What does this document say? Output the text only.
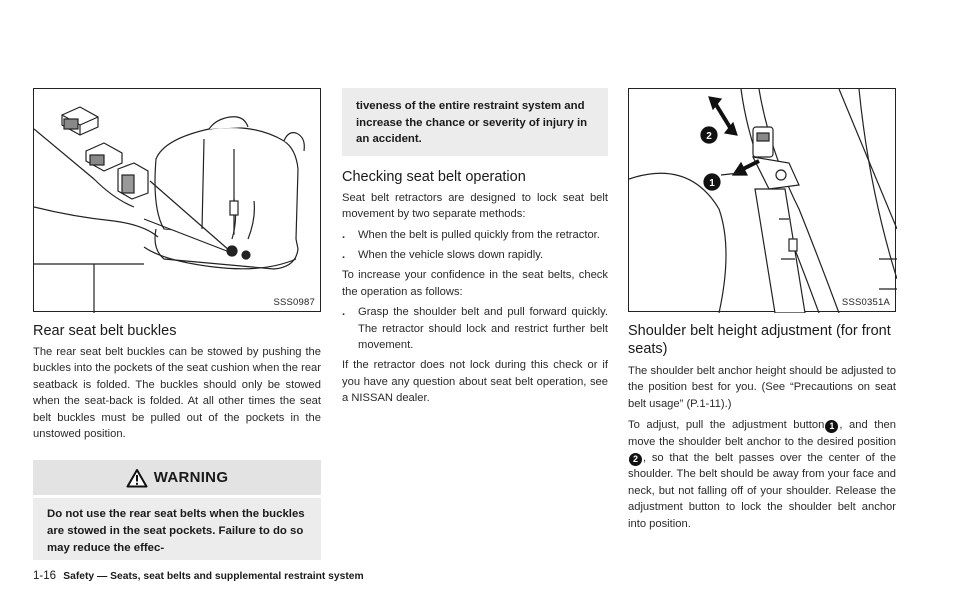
SSS0987
Rear seat belt buckles

The rear seat belt buckles can be stowed by pushing the buckles into the pockets of the seat cushion when the rear seatback is folded. The buckles should only be stowed when the seat-back is folded. At all other times the seat belt buckles must be pulled out of the pockets in the unstowed position.

WARNING
Do not use the rear seat belts when the buckles are stowed in the seat pockets. Failure to do so may reduce the effec-
tiveness of the entire restraint system and increase the chance or severity of injury in an accident.
Checking seat belt operation

Seat belt retractors are designed to lock seat belt movement by two separate methods:

. When the belt is pulled quickly from the retractor.
. When the vehicle slows down rapidly.

To increase your confidence in the seat belts, check the operation as follows:

. Grasp the shoulder belt and pull forward quickly. The retractor should lock and restrict further belt movement.

If the retractor does not lock during this check or if you have any question about seat belt operation, see a NISSAN dealer.

2
1
SSS0351A
Shoulder belt height adjustment (for front seats)

The shoulder belt anchor height should be adjusted to the position best for you. (See “Precautions on seat belt usage” (P.1-11).)

To adjust, pull the adjustment button 1 , and then move the shoulder belt anchor to the desired position2 , so that the belt passes over the center of the shoulder. The belt should be away from your face and neck, but not falling off of your shoulder. Release the adjustment button to lock the shoulder belt anchor into position.

1-16 Safety — Seats, seat belts and supplemental restraint system
